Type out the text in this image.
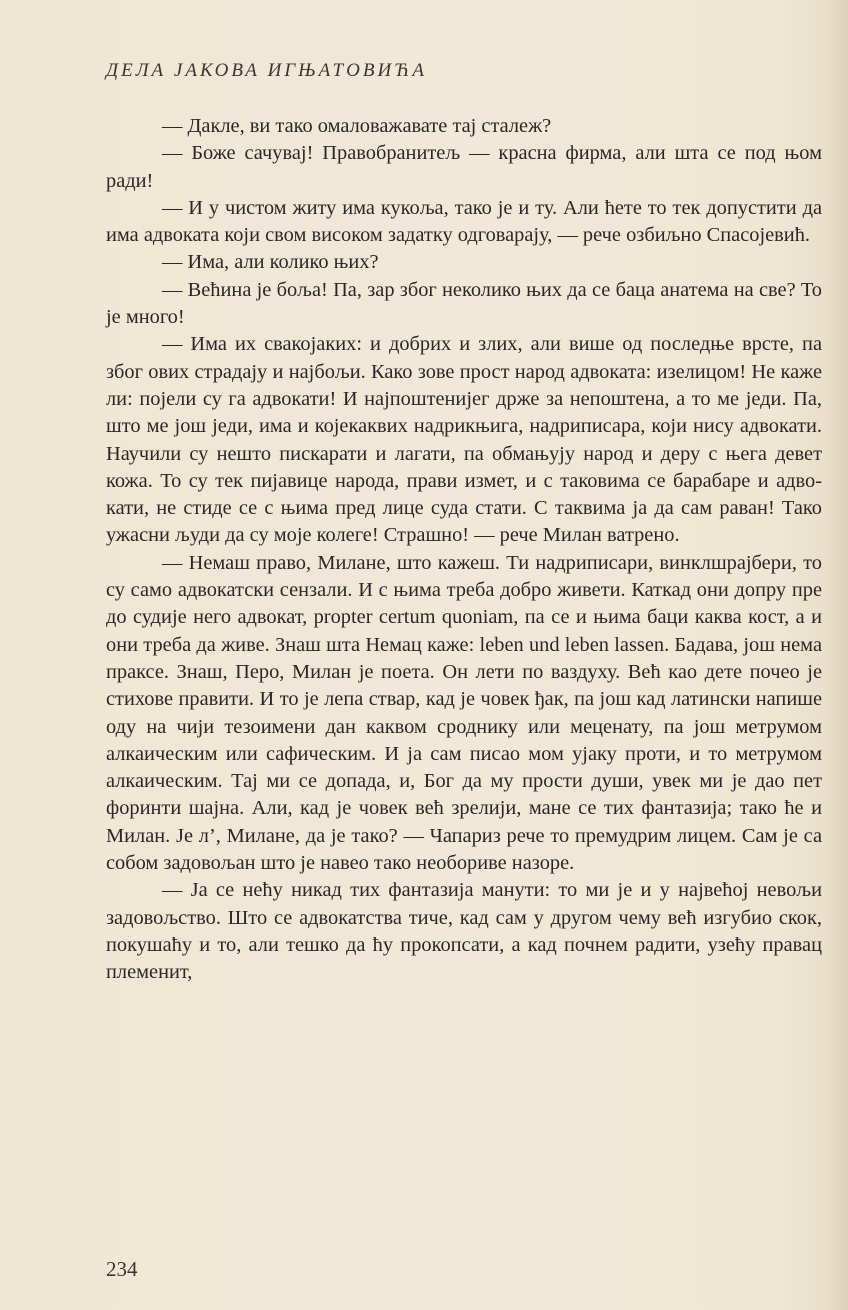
ДЕЛА ЈАКОВА ИГЊАТОВИЋА

— Дакле, ви тако омаловажавате тај сталеж?

— Боже сачувај! Правобранитељ — красна фирма, али шта се под њом ради!

— И у чистом житу има кукоља, тако је и ту. Али ћете то тек допустити да има адвоката који свом високом задатку одговарају, — рече озбиљно Спасојевић.

— Има, али колико њих?

— Већина је боља! Па, зар због неколико њих да се баца анатема на све? То је много!

— Има их свакојаких: и добрих и злих, али више од последње врсте, па због ових страдају и најбољи. Како зове прост народ адвоката: изелицом! Не каже ли: појели су га адвокати! И најпоштенијег држе за непоштена, а то ме једи. Па, што ме још једи, има и којекаквих надрикњига, надриписара, који нису адвокати. Научили су нешто пискарати и лагати, па обмањују народ и деру с њега девет кожа. То су тек пијавице народа, прави измет, и с таковима се барабаре и адвокати, не стиде се с њима пред лице суда стати. С таквима ја да сам раван! Тако ужасни људи да су моје колеге! Страшно! — рече Милан ватрено.

— Немаш право, Милане, што кажеш. Ти надриписари, винклшрајбери, то су само адвокатски сензали. И с њима треба добро живети. Каткад они допру пре до судије него адвокат, propter certum quoniam, па се и њима баци каква кост, а и они треба да живе. Знаш шта Немац каже: leben und leben lassen. Бадава, још нема праксе. Знаш, Перо, Милан је поета. Он лети по ваздуху. Већ као дете почео је стихове правити. И то је лепа ствар, кад је човек ђак, па још кад латински напише оду на чији тезоимени дан каквом сроднику или меценату, па још метрумом алкаическим или сафическим. И ја сам писао мом ујаку проти, и то метрумом алкаическим. Тај ми се допада, и, Бог да му прости души, увек ми је дао пет форинти шајна. Али, кад је човек већ зрелији, мане се тих фантазија; тако ће и Милан. Је л’, Милане, да је тако? — Чапариз рече то премудрим лицем. Сам је са собом задовољан што је навео тако необориве назоре.

— Ја се нећу никад тих фантазија манути: то ми је и у највећој невољи задовољство. Што се адвокатства тиче, кад сам у другом чему већ изгубио скок, покушаћу и то, али тешко да ћу прокопсати, а кад почнем радити, узећу правац племенит,

234
